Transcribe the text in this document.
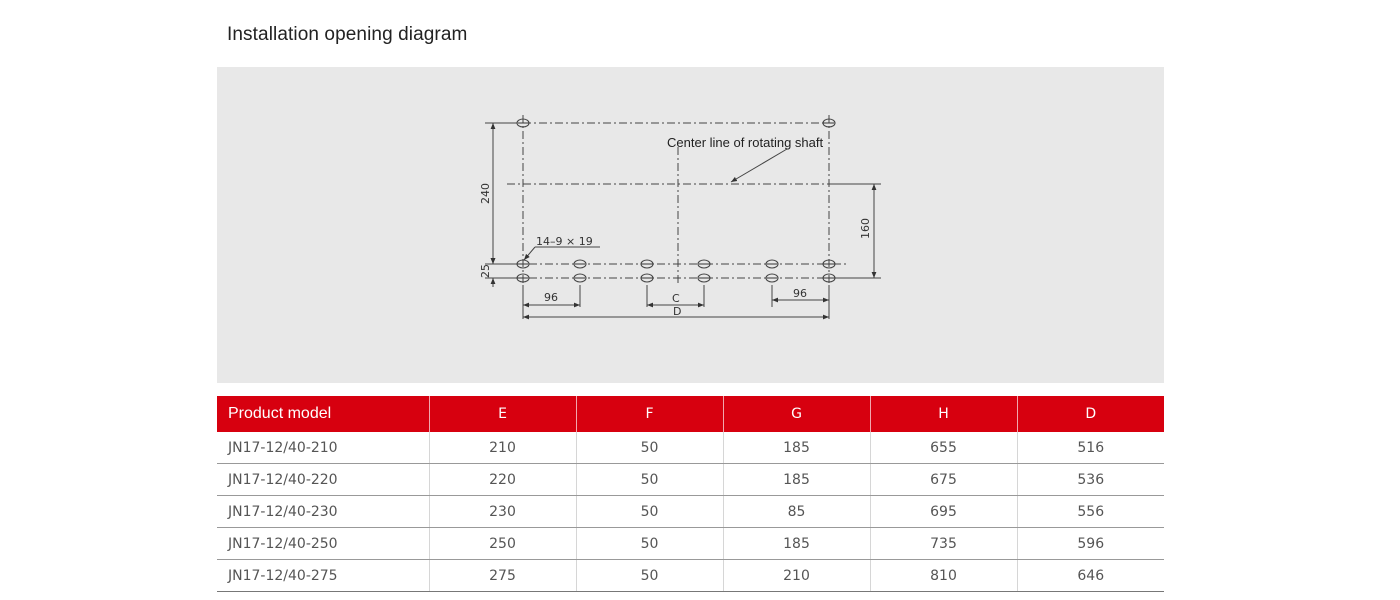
Installation opening diagram
Center line of rotating shaft
14–9 × 19
96	96
C
D
240
25
160
Product model	E	F	G	H	D
JN17-12/40-210	210	50	185	655	516
JN17-12/40-220	220	50	185	675	536
JN17-12/40-230	230	50	85	695	556
JN17-12/40-250	250	50	185	735	596
JN17-12/40-275	275	50	210	810	646
